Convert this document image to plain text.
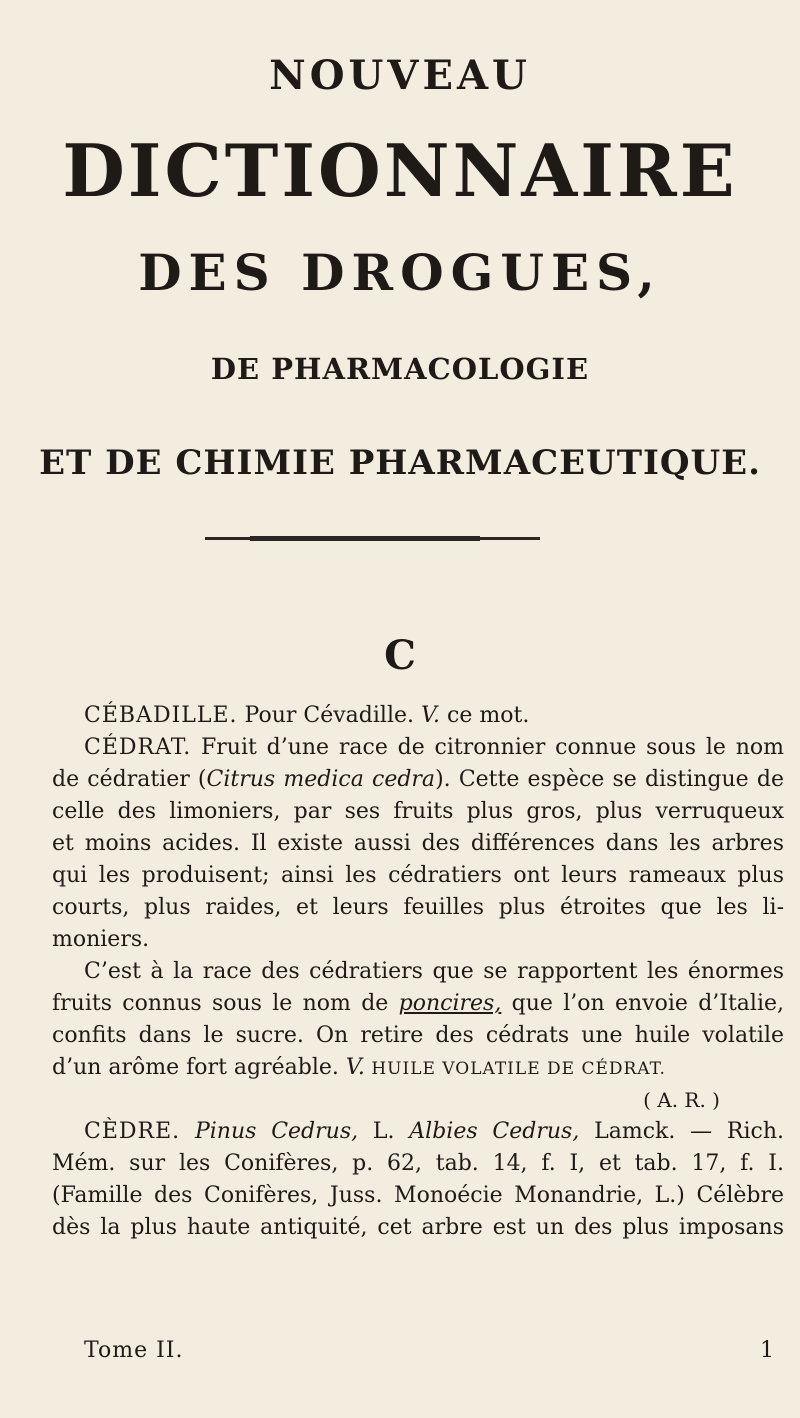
NOUVEAU
DICTIONNAIRE
DES DROGUES,
DE PHARMACOLOGIE
ET DE CHIMIE PHARMACEUTIQUE.
C
CÉBADILLE. Pour Cévadille. V. ce mot.
CÉDRAT. Fruit d’une race de citronnier connue sous le nom
de cédratier (Citrus medica cedra). Cette espèce se distingue de
celle des limoniers, par ses fruits plus gros, plus verruqueux
et moins acides. Il existe aussi des différences dans les arbres
qui les produisent; ainsi les cédratiers ont leurs rameaux plus
courts, plus raides, et leurs feuilles plus étroites que les li-
moniers.
C’est à la race des cédratiers que se rapportent les énormes
fruits connus sous le nom de poncires, que l’on envoie d’Italie,
confits dans le sucre. On retire des cédrats une huile volatile
d’un arôme fort agréable. V. HUILE VOLATILE DE CÉDRAT.
( A. R. )
CÈDRE. Pinus Cedrus, L. Albies Cedrus, Lamck. — Rich.
Mém. sur les Conifères, p. 62, tab. 14, f. I, et tab. 17, f. I.
(Famille des Conifères, Juss. Monoécie Monandrie, L.) Célèbre
dès la plus haute antiquité, cet arbre est un des plus imposans
Tome II.	1
